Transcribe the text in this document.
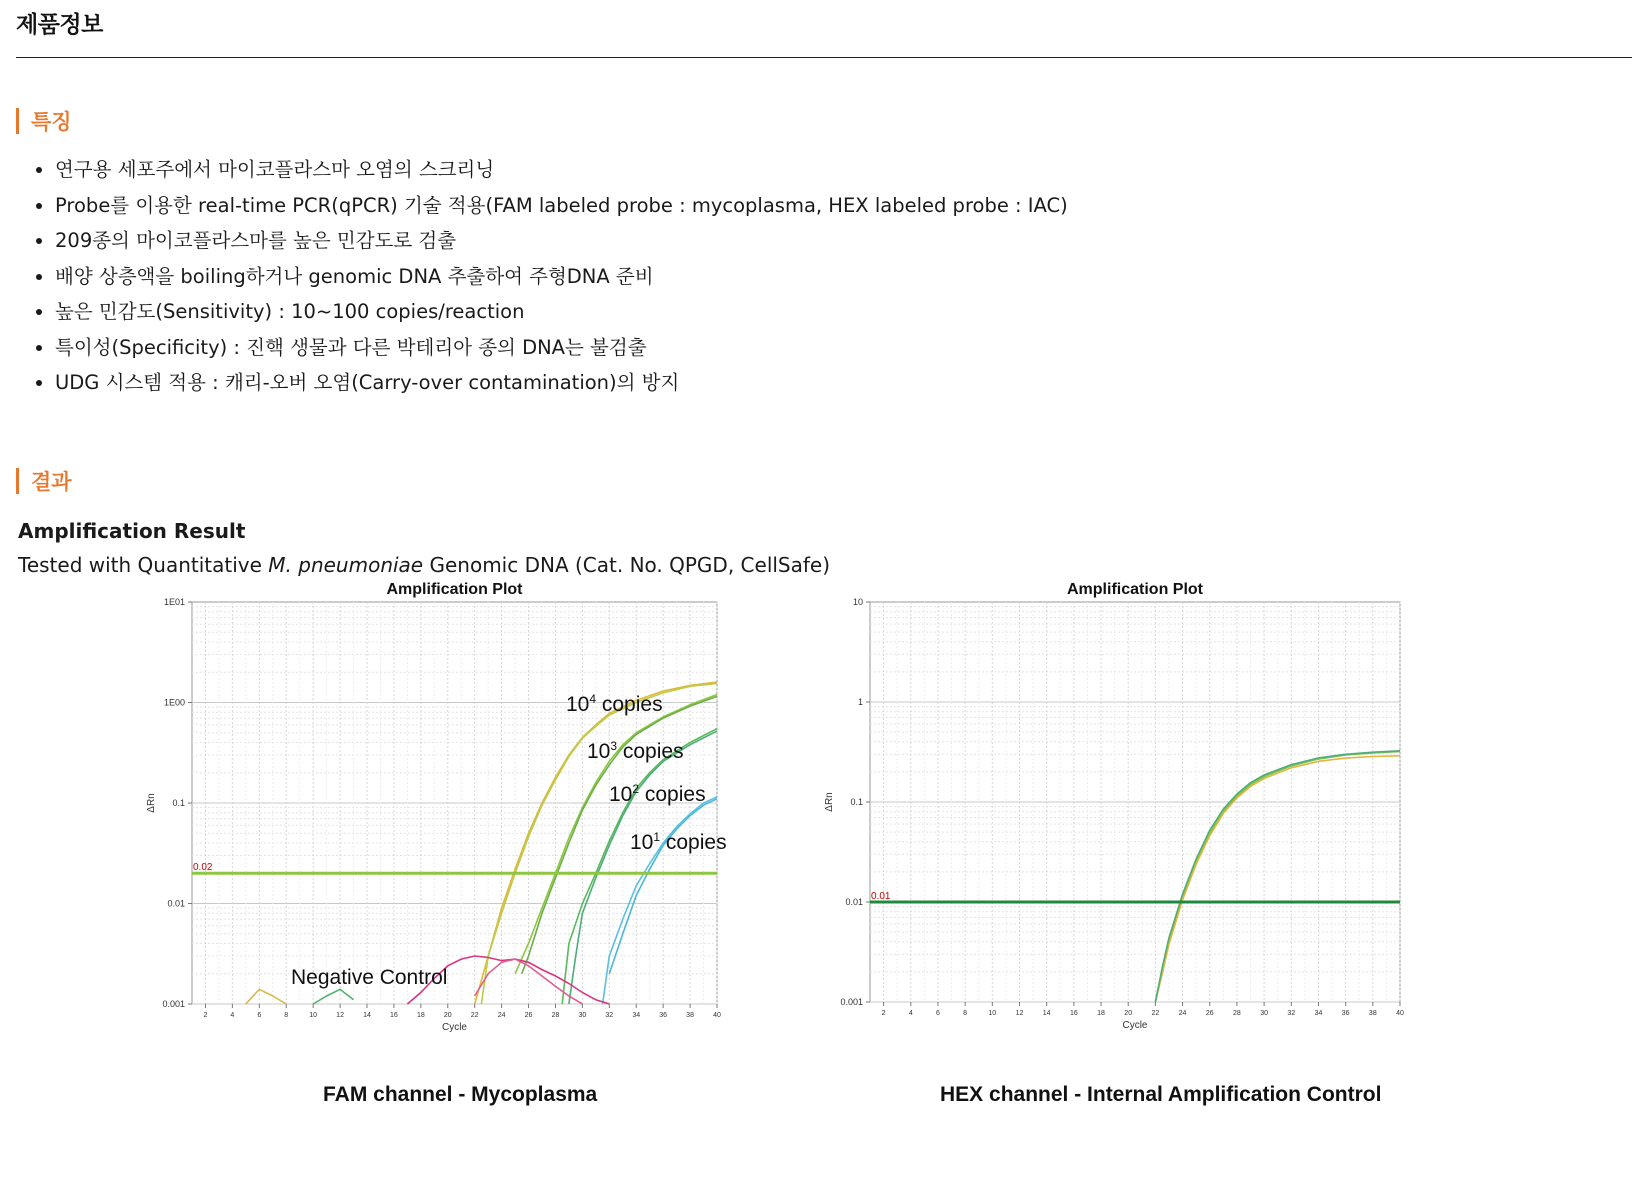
제품정보
특징
• 연구용 세포주에서 마이코플라스마 오염의 스크리닝
• Probe를 이용한 real-time PCR(qPCR) 기술 적용(FAM labeled probe : mycoplasma, HEX labeled probe : IAC)
• 209종의 마이코플라스마를 높은 민감도로 검출
• 배양 상층액을 boiling하거나 genomic DNA 추출하여 주형DNA 준비
• 높은 민감도(Sensitivity) : 10~100 copies/reaction
• 특이성(Specificity) : 진핵 생물과 다른 박테리아 종의 DNA는 불검출
• UDG 시스템 적용 : 캐리-오버 오염(Carry-over contamination)의 방지
결과
Amplification Result
Tested with Quantitative M. pneumoniae Genomic DNA (Cat. No. QPGD, CellSafe)
Amplification Plot
0.001
0.01
0.1
1E00
1E01
2	4	6	8	10	12	14	16	18	20	22	24	26	28	30	32	34	36	38	40
Cycle
ΔRn
0.02
$10^4$ copies
$10^3$ copies
$10^2$ copies
$10^1$ copies
Negative Control
FAM channel - Mycoplasma
Amplification Plot
0.001
0.01
0.1
1
10
2	4	6	8	10	12	14	16	18	20	22	24	26	28	30	32	34	36	38	40
Cycle
ΔRn
0.01
HEX channel - Internal Amplification Control
